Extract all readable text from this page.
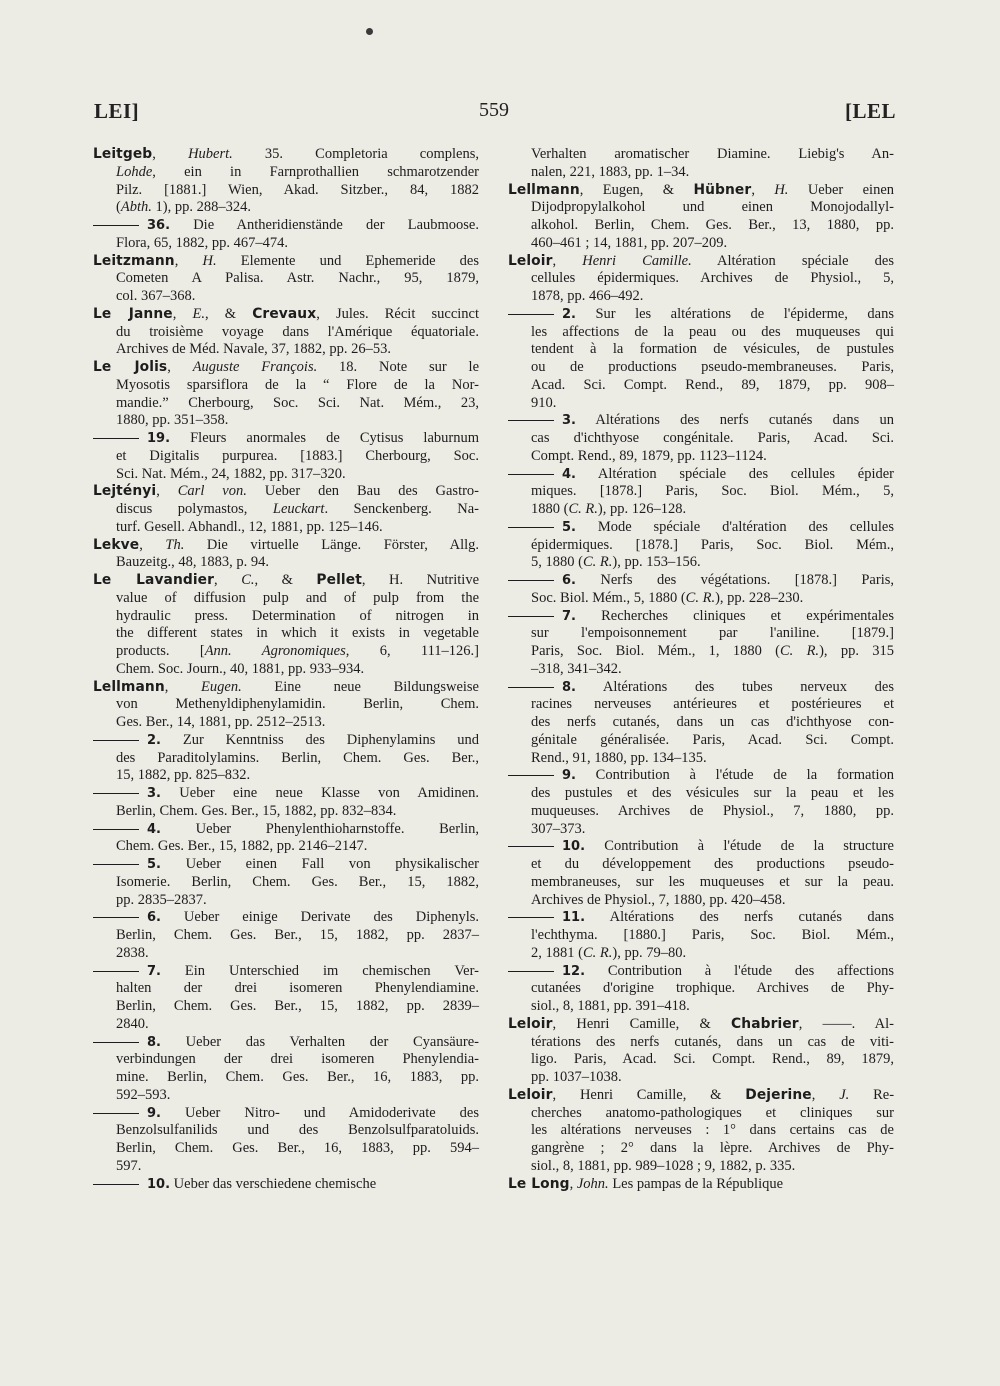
LEI]	559	[LEL
Leitgeb, Hubert. 35. Completoria complens,
Lohde, ein in Farnprothallien schmarotzender
Pilz. [1881.] Wien, Akad. Sitzber., 84, 1882
(Abth. 1), pp. 288–324.
36. Die Antheridienstände der Laubmoose.
Flora, 65, 1882, pp. 467–474.
Leitzmann, H. Elemente und Ephemeride des
Cometen A Palisa. Astr. Nachr., 95, 1879,
col. 367–368.
Le Janne, E., & Crevaux, Jules. Récit succinct
du troisième voyage dans l'Amérique équatoriale.
Archives de Méd. Navale, 37, 1882, pp. 26–53.
Le Jolis, Auguste François. 18. Note sur le
Myosotis sparsiflora de la “ Flore de la Nor-
mandie.” Cherbourg, Soc. Sci. Nat. Mém., 23,
1880, pp. 351–358.
19. Fleurs anormales de Cytisus laburnum
et Digitalis purpurea. [1883.] Cherbourg, Soc.
Sci. Nat. Mém., 24, 1882, pp. 317–320.
Lejtényi, Carl von. Ueber den Bau des Gastro-
discus polymastos, Leuckart. Senckenberg. Na-
turf. Gesell. Abhandl., 12, 1881, pp. 125–146.
Lekve, Th. Die virtuelle Länge. Förster, Allg.
Bauzeitg., 48, 1883, p. 94.
Le Lavandier, C., & Pellet, H. Nutritive
value of diffusion pulp and of pulp from the
hydraulic press. Determination of nitrogen in
the different states in which it exists in vegetable
products. [Ann. Agronomiques, 6, 111–126.]
Chem. Soc. Journ., 40, 1881, pp. 933–934.
Lellmann, Eugen. Eine neue Bildungsweise
von Methenyldiphenylamidin. Berlin, Chem.
Ges. Ber., 14, 1881, pp. 2512–2513.
2. Zur Kenntniss des Diphenylamins und
des Paraditolylamins. Berlin, Chem. Ges. Ber.,
15, 1882, pp. 825–832.
3. Ueber eine neue Klasse von Amidinen.
Berlin, Chem. Ges. Ber., 15, 1882, pp. 832–834.
4. Ueber Phenylenthioharnstoffe. Berlin,
Chem. Ges. Ber., 15, 1882, pp. 2146–2147.
5. Ueber einen Fall von physikalischer
Isomerie. Berlin, Chem. Ges. Ber., 15, 1882,
pp. 2835–2837.
6. Ueber einige Derivate des Diphenyls.
Berlin, Chem. Ges. Ber., 15, 1882, pp. 2837–
2838.
7. Ein Unterschied im chemischen Ver-
halten der drei isomeren Phenylendiamine.
Berlin, Chem. Ges. Ber., 15, 1882, pp. 2839–
2840.
8. Ueber das Verhalten der Cyansäure-
verbindungen der drei isomeren Phenylendia-
mine. Berlin, Chem. Ges. Ber., 16, 1883, pp.
592–593.
9. Ueber Nitro- und Amidoderivate des
Benzolsulfanilids und des Benzolsulfparatoluids.
Berlin, Chem. Ges. Ber., 16, 1883, pp. 594–
597.
10. Ueber das verschiedene chemische
Verhalten aromatischer Diamine. Liebig's An-
nalen, 221, 1883, pp. 1–34.
Lellmann, Eugen, & Hübner, H. Ueber einen
Dijodpropylalkohol und einen Monojodallyl-
alkohol. Berlin, Chem. Ges. Ber., 13, 1880, pp.
460–461 ; 14, 1881, pp. 207–209.
Leloir, Henri Camille. Altération spéciale des
cellules épidermiques. Archives de Physiol., 5,
1878, pp. 466–492.
2. Sur les altérations de l'épiderme, dans
les affections de la peau ou des muqueuses qui
tendent à la formation de vésicules, de pustules
ou de productions pseudo-membraneuses. Paris,
Acad. Sci. Compt. Rend., 89, 1879, pp. 908–
910.
3. Altérations des nerfs cutanés dans un
cas d'ichthyose congénitale. Paris, Acad. Sci.
Compt. Rend., 89, 1879, pp. 1123–1124.
4. Altération spéciale des cellules épider
miques. [1878.] Paris, Soc. Biol. Mém., 5,
1880 (C. R.), pp. 126–128.
5. Mode spéciale d'altération des cellules
épidermiques. [1878.] Paris, Soc. Biol. Mém.,
5, 1880 (C. R.), pp. 153–156.
6. Nerfs des végétations. [1878.] Paris,
Soc. Biol. Mém., 5, 1880 (C. R.), pp. 228–230.
7. Recherches cliniques et expérimentales
sur l'empoisonnement par l'aniline. [1879.]
Paris, Soc. Biol. Mém., 1, 1880 (C. R.), pp. 315
–318, 341–342.
8. Altérations des tubes nerveux des
racines nerveuses antérieures et postérieures et
des nerfs cutanés, dans un cas d'ichthyose con-
génitale généralisée. Paris, Acad. Sci. Compt.
Rend., 91, 1880, pp. 134–135.
9. Contribution à l'étude de la formation
des pustules et des vésicules sur la peau et les
muqueuses. Archives de Physiol., 7, 1880, pp.
307–373.
10. Contribution à l'étude de la structure
et du développement des productions pseudo-
membraneuses, sur les muqueuses et sur la peau.
Archives de Physiol., 7, 1880, pp. 420–458.
11. Altérations des nerfs cutanés dans
l'echthyma. [1880.] Paris, Soc. Biol. Mém.,
2, 1881 (C. R.), pp. 79–80.
12. Contribution à l'étude des affections
cutanées d'origine trophique. Archives de Phy-
siol., 8, 1881, pp. 391–418.
Leloir, Henri Camille, & Chabrier, ——. Al-
térations des nerfs cutanés, dans un cas de viti-
ligo. Paris, Acad. Sci. Compt. Rend., 89, 1879,
pp. 1037–1038.
Leloir, Henri Camille, & Dejerine, J. Re-
cherches anatomo-pathologiques et cliniques sur
les altérations nerveuses : 1° dans certains cas de
gangrène ; 2° dans la lèpre. Archives de Phy-
siol., 8, 1881, pp. 989–1028 ; 9, 1882, p. 335.
Le Long, John. Les pampas de la République
